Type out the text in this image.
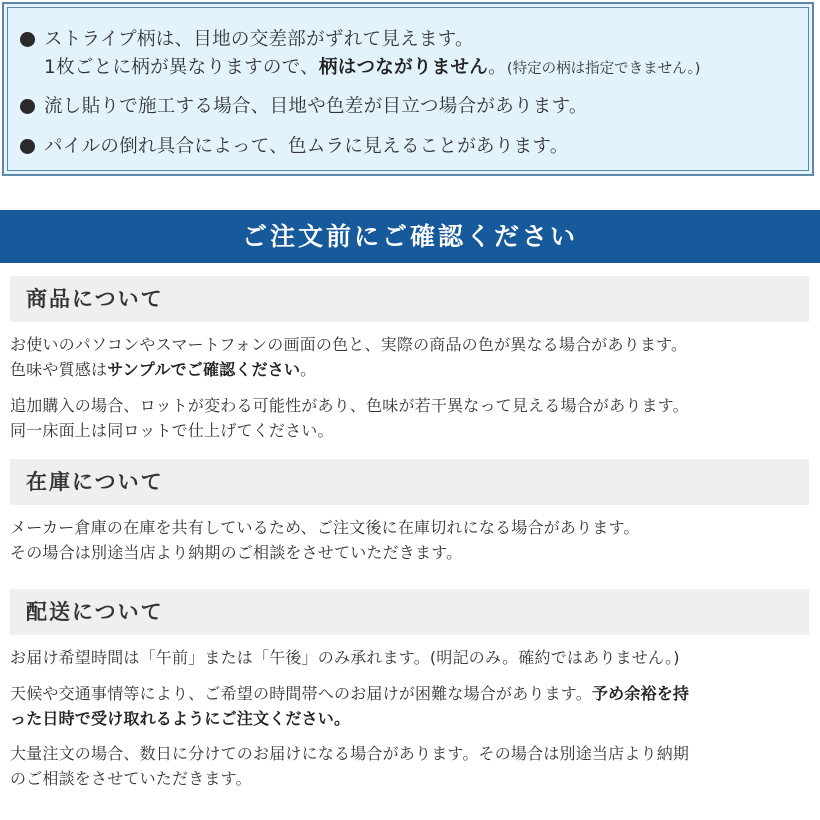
ストライプ柄は、目地の交差部がずれて見えます。
1枚ごとに柄が異なりますので、柄はつながりません。(特定の柄は指定できません。)
流し貼りで施工する場合、目地や色差が目立つ場合があります。
パイルの倒れ具合によって、色ムラに見えることがあります。
ご注文前にご確認ください
商品について
お使いのパソコンやスマートフォンの画面の色と、実際の商品の色が異なる場合があります。
色味や質感はサンプルでご確認ください。
追加購入の場合、ロットが変わる可能性があり、色味が若干異なって見える場合があります。
同一床面上は同ロットで仕上げてください。
在庫について
メーカー倉庫の在庫を共有しているため、ご注文後に在庫切れになる場合があります。
その場合は別途当店より納期のご相談をさせていただきます。
配送について
お届け希望時間は「午前」または「午後」のみ承れます。(明記のみ。確約ではありません。)
天候や交通事情等により、ご希望の時間帯へのお届けが困難な場合があります。予め余裕を持
った日時で受け取れるようにご注文ください。
大量注文の場合、数日に分けてのお届けになる場合があります。その場合は別途当店より納期
のご相談をさせていただきます。
